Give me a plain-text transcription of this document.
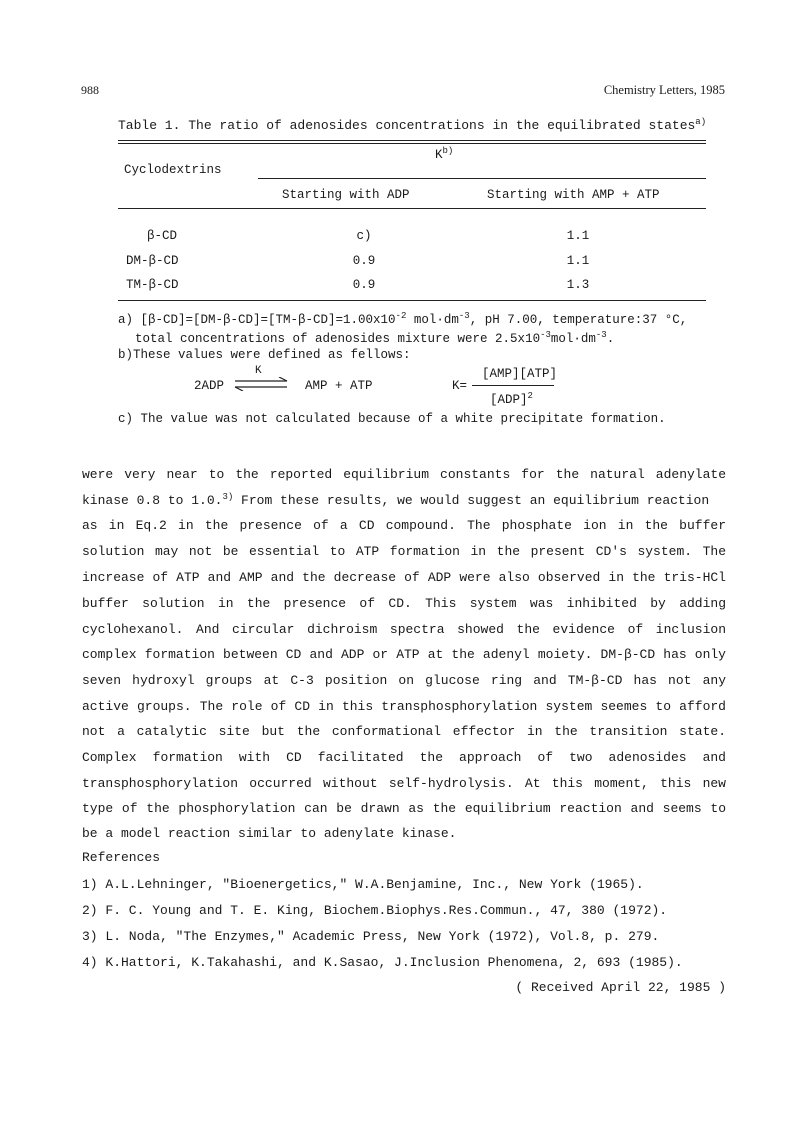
988	Chemistry Letters, 1985
Table 1. The ratio of adenosides concentrations in the equilibrated states$^{a)}$
$K^{b)}$
Cyclodextrins
Starting with ADP	Starting with AMP + ATP
β-CD	c)	1.1
DM-β-CD	0.9	1.1
TM-β-CD	0.9	1.3
a) $[\beta-CD]=[DM-\beta-CD]=[TM-\beta-CD]=1.00x10^{-2}$ $mol\cdot dm^{-3}$, pH 7.00, temperature:37 °C,
total concentrations of adenosides mixture were $2.5x10^{-3}mol\cdot dm^{-3}$.
b)These values were defined as fellows:
2ADP
K
⇌ AMP + ATP	K=
[AMP][ATP]
[ADP]$^2$
c) The value was not calculated because of a white precipitate formation.
were very near to the reported equilibrium constants for the natural adenylate
kinase 0.8 to 1.0.$^{3)}$ From these results, we would suggest an equilibrium reaction
as in Eq.2 in the presence of a CD compound. The phosphate ion in the buffer
solution may not be essential to ATP formation in the present CD's system. The
increase of ATP and AMP and the decrease of ADP were also observed in the tris-HCl
buffer solution in the presence of CD. This system was inhibited by adding
cyclohexanol. And circular dichroism spectra showed the evidence of inclusion
complex formation between CD and ADP or ATP at the adenyl moiety. DM-β-CD has only
seven hydroxyl groups at C-3 position on glucose ring and TM-β-CD has not any
active groups. The role of CD in this transphosphorylation system seemes to afford
not a catalytic site but the conformational effector in the transition state.
Complex formation with CD facilitated the approach of two adenosides and
transphosphorylation occurred without self-hydrolysis. At this moment, this new
type of the phosphorylation can be drawn as the equilibrium reaction and seems to
be a model reaction similar to adenylate kinase.
References
1) A.L.Lehninger, "Bioenergetics," W.A.Benjamine, Inc., New York (1965).
2) F. C. Young and T. E. King, Biochem.Biophys.Res.Commun., 47, 380 (1972).
3) L. Noda, "The Enzymes," Academic Press, New York (1972), Vol.8, p. 279.
4) K.Hattori, K.Takahashi, and K.Sasao, J.Inclusion Phenomena, 2, 693 (1985).
( Received April 22, 1985 )
